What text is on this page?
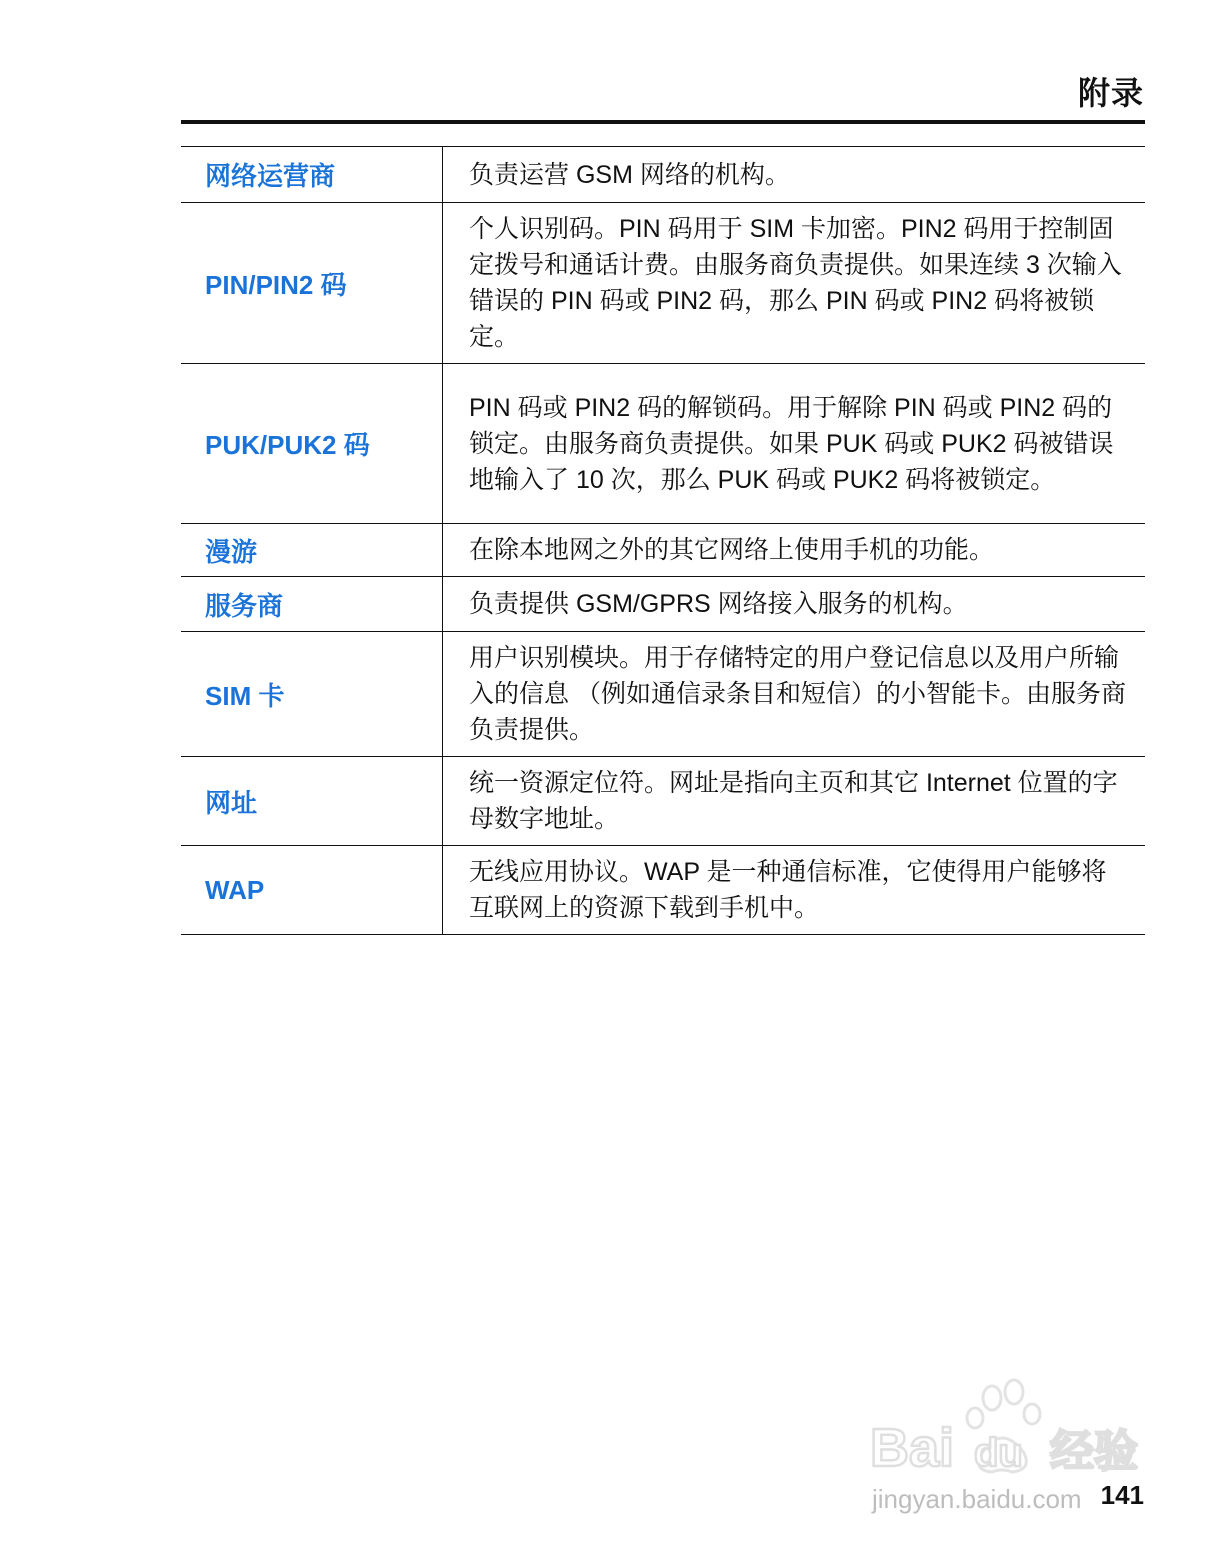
附录
网络运营商	负责运营 GSM 网络的机构。
PIN/PIN2 码	个人识别码。PIN 码用于 SIM 卡加密。PIN2 码用于控制固定拨号和通话计费。由服务商负责提供。如果连续 3 次输入错误的 PIN 码或 PIN2 码，那么 PIN 码或 PIN2 码将被锁定。
PUK/PUK2 码	PIN 码或 PIN2 码的解锁码。用于解除 PIN 码或 PIN2 码的锁定。由服务商负责提供。如果 PUK 码或 PUK2 码被错误地输入了 10 次，那么 PUK 码或 PUK2 码将被锁定。
漫游	在除本地网之外的其它网络上使用手机的功能。
服务商	负责提供 GSM/GPRS 网络接入服务的机构。
SIM 卡	用户识别模块。用于存储特定的用户登记信息以及用户所输入的信息 （例如通信录条目和短信）的小智能卡。由服务商负责提供。
网址	统一资源定位符。网址是指向主页和其它 Internet 位置的字母数字地址。
WAP	无线应用协议。WAP 是一种通信标准，它使得用户能够将互联网上的资源下载到手机中。
Bai du 经验
jingyan.baidu.com 141
